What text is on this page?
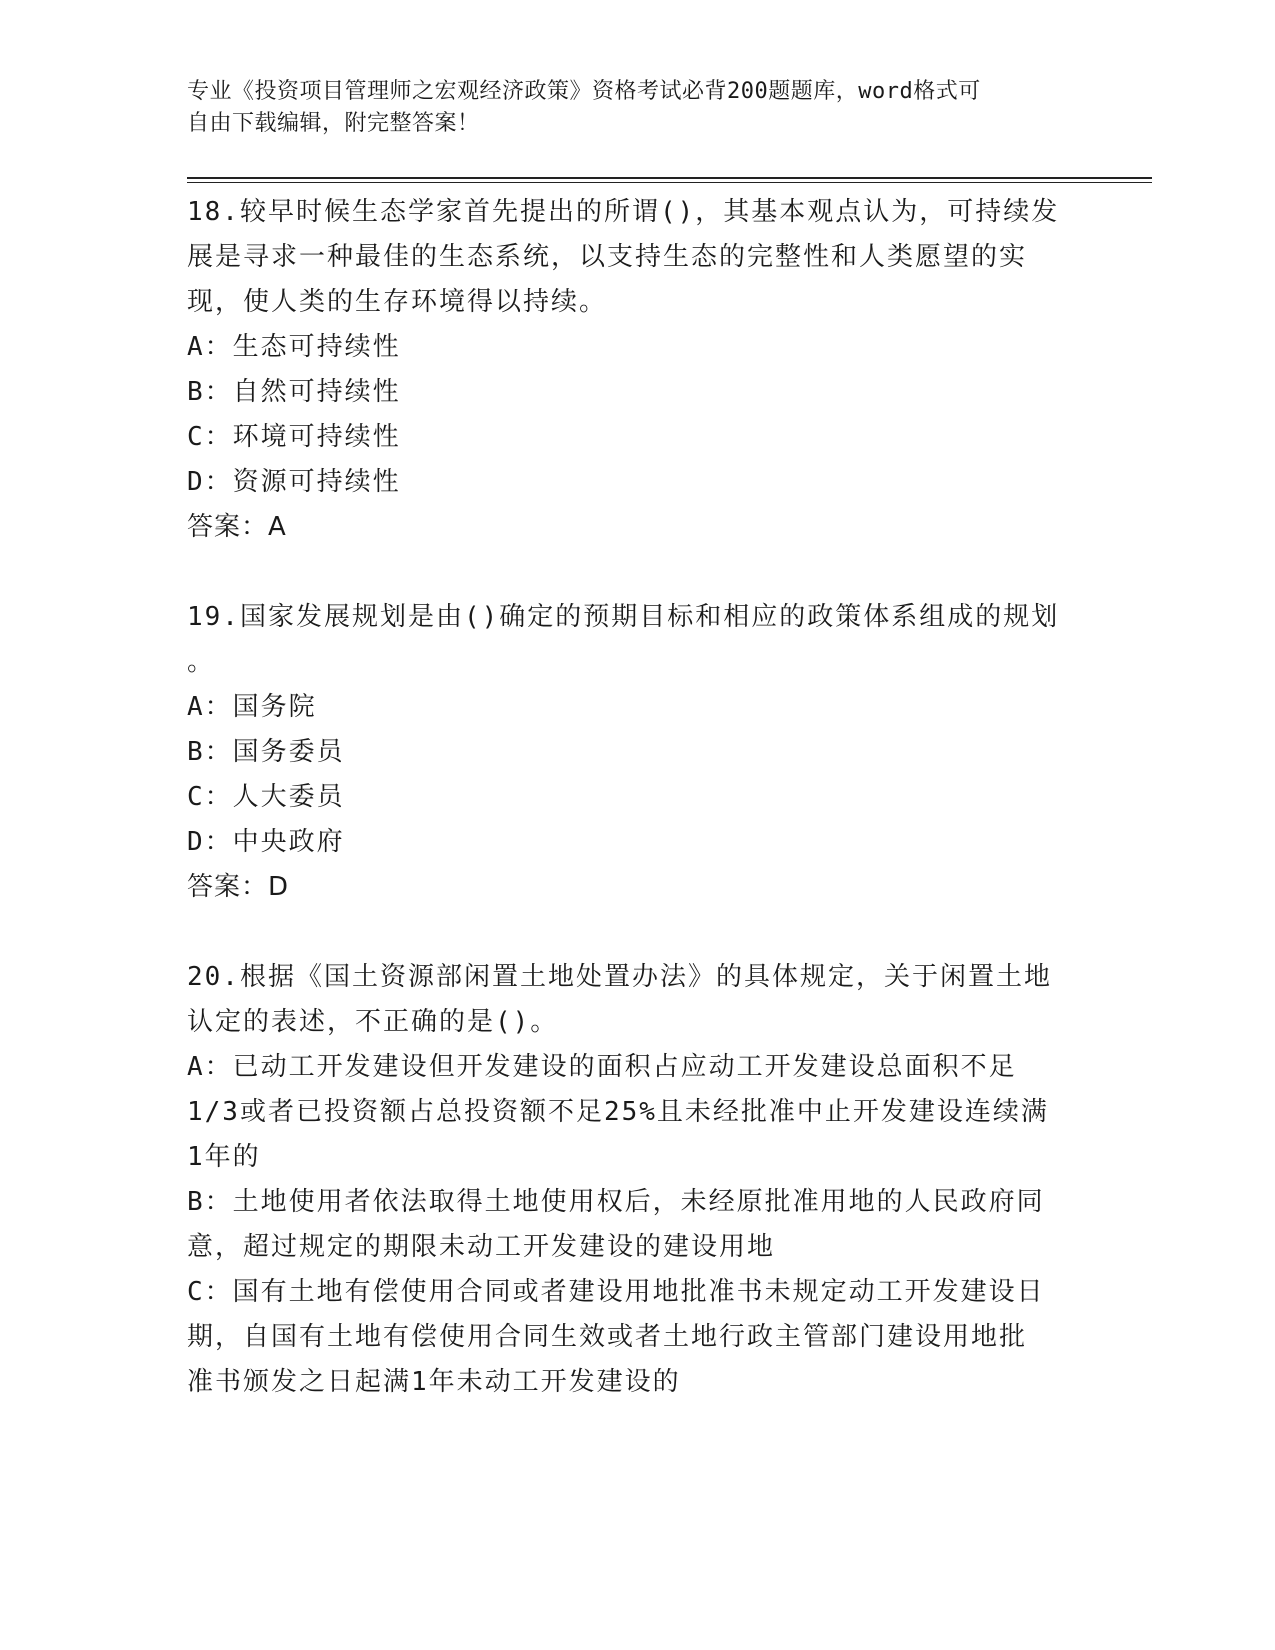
专业《投资项目管理师之宏观经济政策》资格考试必背200题题库，word格式可
自由下载编辑，附完整答案！

18.较早时候生态学家首先提出的所谓()，其基本观点认为，可持续发

展是寻求一种最佳的生态系统，以支持生态的完整性和人类愿望的实

现，使人类的生存环境得以持续。

A：生态可持续性

B：自然可持续性

C：环境可持续性

D：资源可持续性

答案：A

19.国家发展规划是由()确定的预期目标和相应的政策体系组成的规划

。

A：国务院

B：国务委员

C：人大委员

D：中央政府

答案：D

20.根据《国土资源部闲置土地处置办法》的具体规定，关于闲置土地

认定的表述，不正确的是()。

A：已动工开发建设但开发建设的面积占应动工开发建设总面积不足

1/3或者已投资额占总投资额不足25%且未经批准中止开发建设连续满

1年的

B：土地使用者依法取得土地使用权后，未经原批准用地的人民政府同

意，超过规定的期限未动工开发建设的建设用地

C：国有土地有偿使用合同或者建设用地批准书未规定动工开发建设日

期，自国有土地有偿使用合同生效或者土地行政主管部门建设用地批

准书颁发之日起满1年未动工开发建设的
